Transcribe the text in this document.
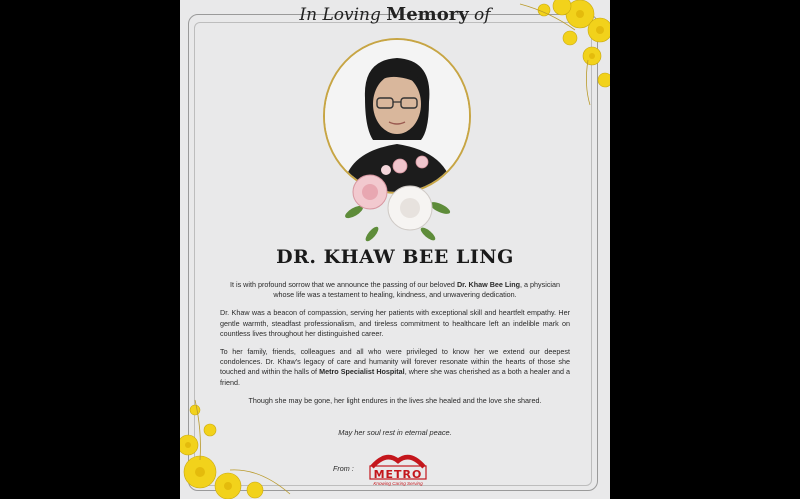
In Loving Memory of
DR. KHAW BEE LING

It is with profound sorrow that we announce the passing of our beloved Dr. Khaw Bee Ling, a physician whose life was a testament to healing, kindness, and unwavering dedication.

Dr. Khaw was a beacon of compassion, serving her patients with exceptional skill and heartfelt empathy. Her gentle warmth, steadfast professionalism, and tireless commitment to healthcare left an indelible mark on countless lives throughout her distinguished career.

To her family, friends, colleagues and all who were privileged to know her we extend our deepest condolences. Dr. Khaw's legacy of care and humanity will forever resonate within the hearts of those she touched and within the halls of Metro Specialist Hospital, where she was cherished as a both a healer and a friend.

Though she may be gone, her light endures in the lives she healed and the love she shared.

May her soul rest in eternal peace.
From :	METRO
Knowing Caring Serving
